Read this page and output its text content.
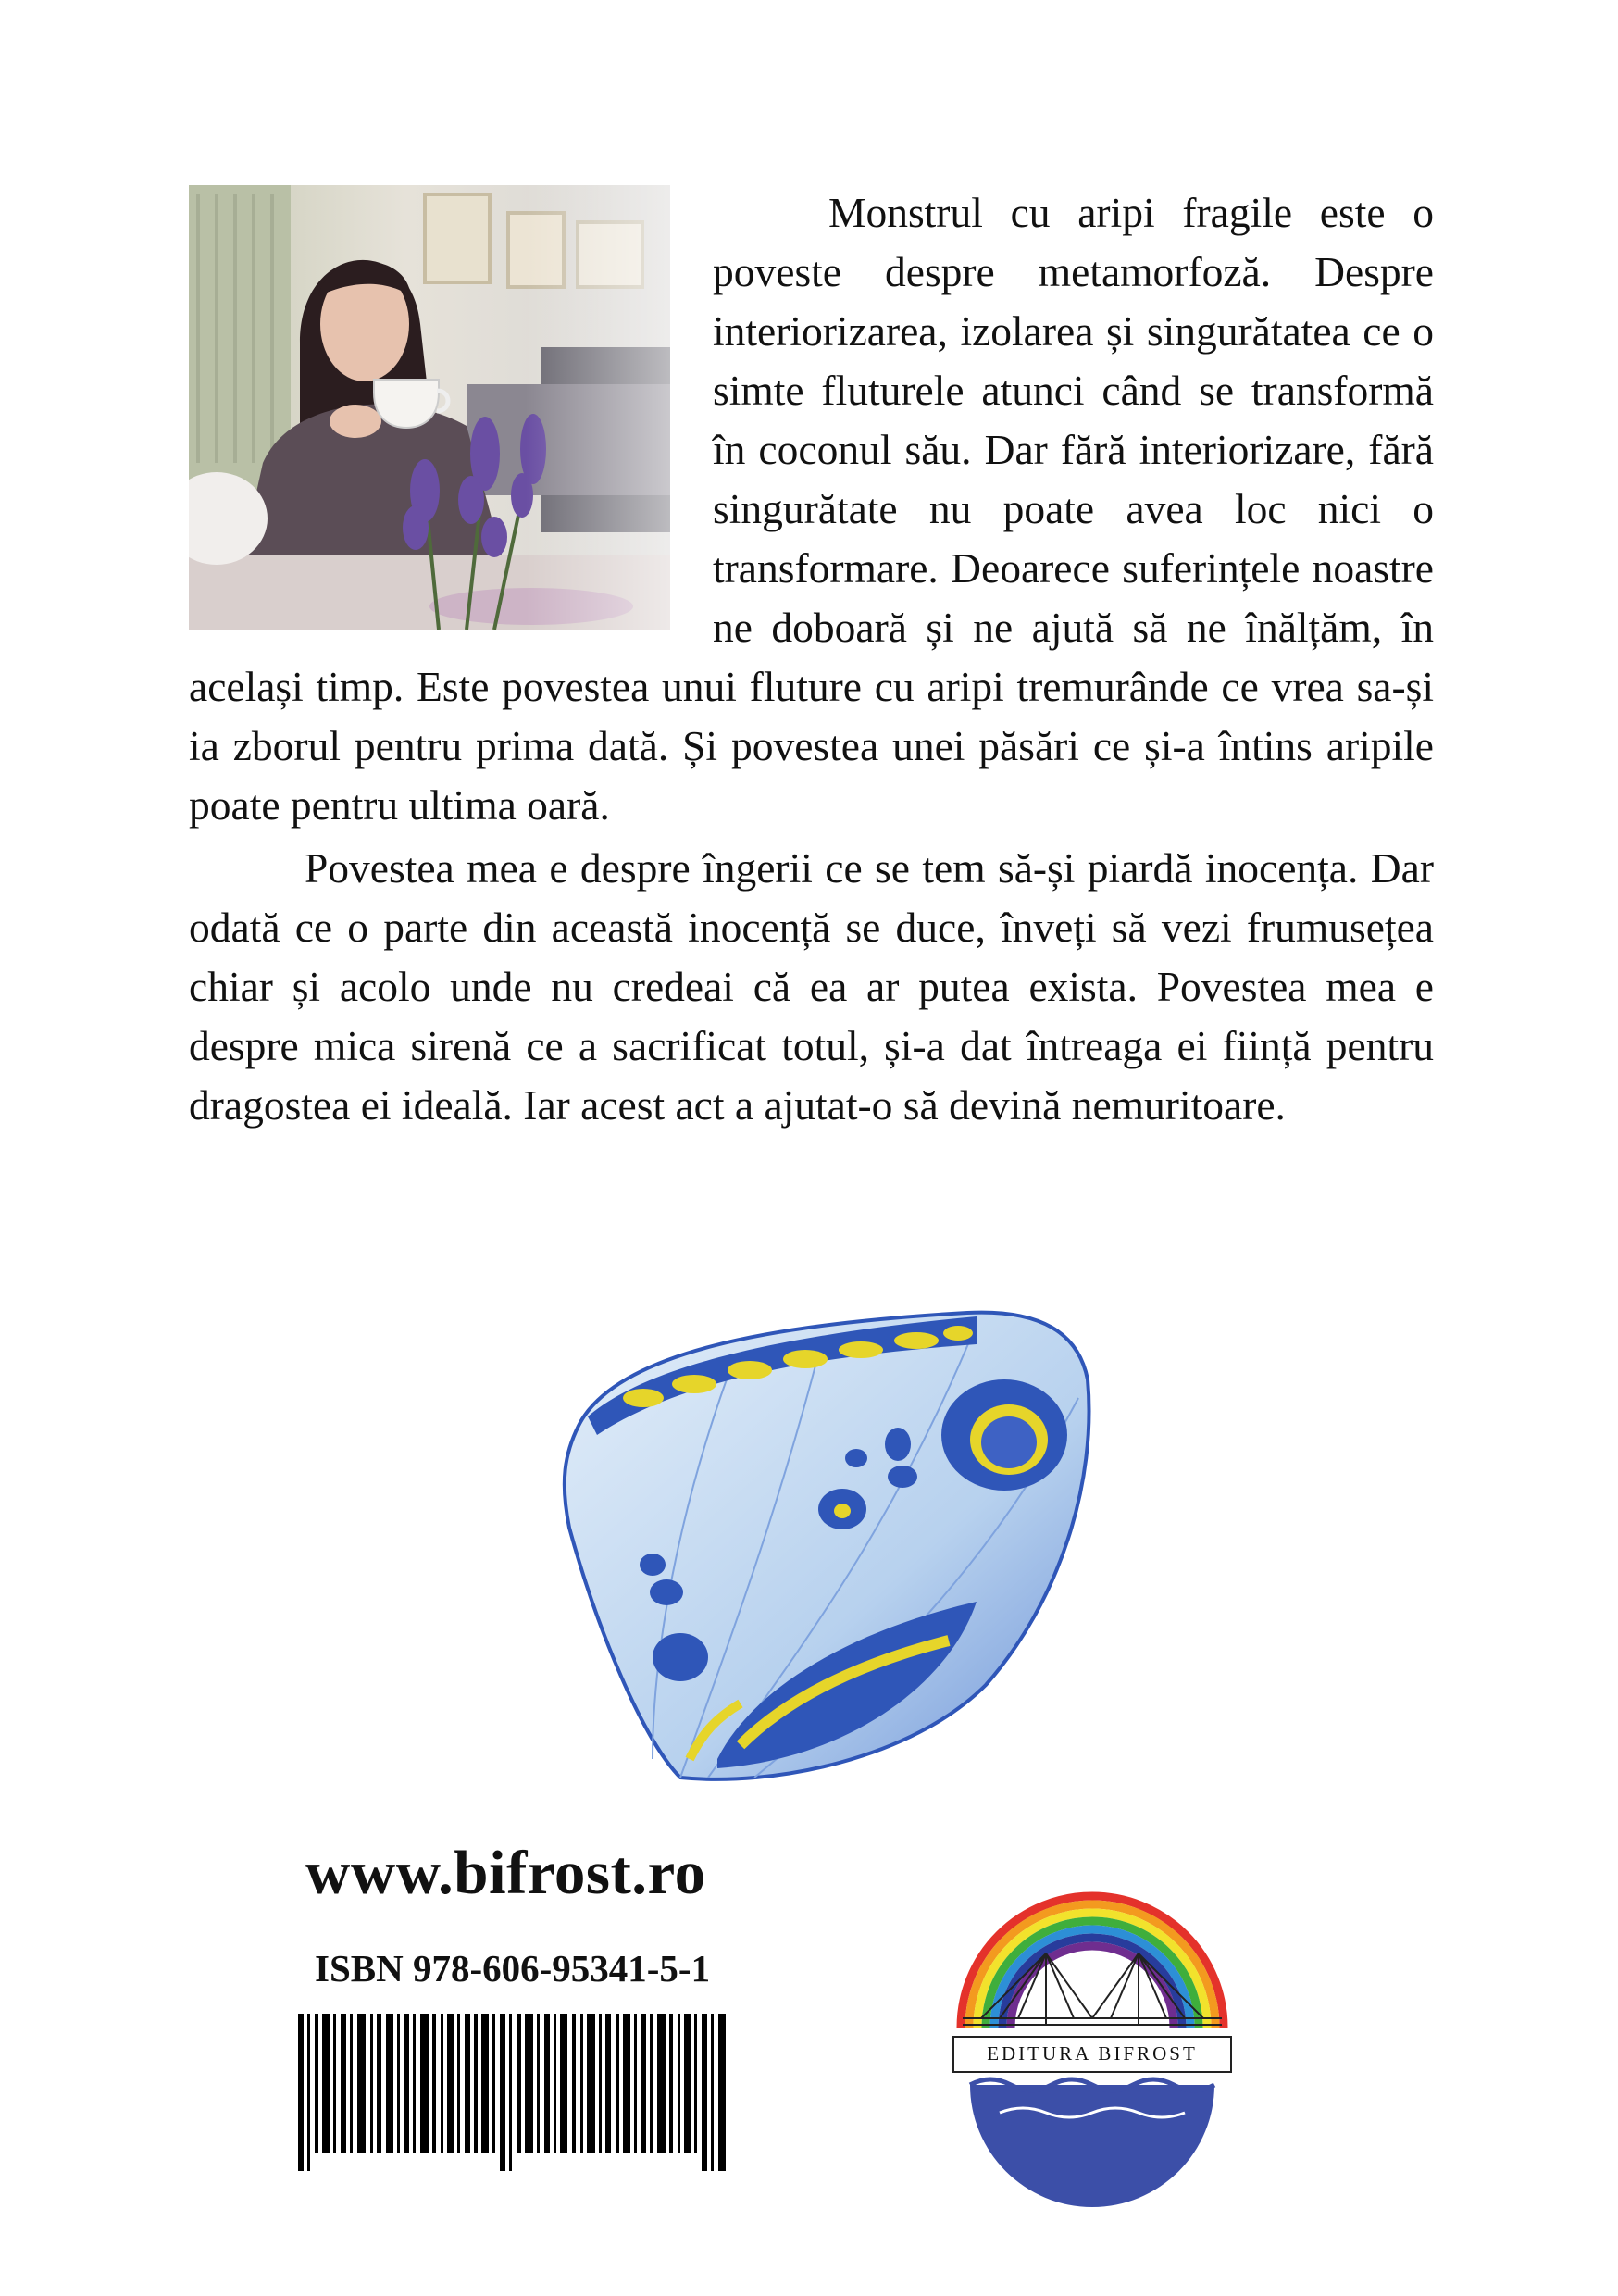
Monstrul cu aripi fragile este o poveste despre metamorfoză. Despre interiorizarea, izolarea și singurătatea ce o simte fluturele atunci când se transformă în coconul său. Dar fără interiorizare, fără singurătate nu poate avea loc nici o transformare. Deoarece suferințele noastre ne doboară și ne ajută să ne înălțăm, în același timp. Este povestea unui fluture cu aripi tremurânde ce vrea sa-și ia zborul pentru prima dată. Și povestea unei păsări ce și-a întins aripile poate pentru ultima oară.

Povestea mea e despre îngerii ce se tem să-și piardă inocența. Dar odată ce o parte din această inocență se duce, înveți să vezi frumusețea chiar și acolo unde nu credeai că ea ar putea exista. Povestea mea e despre mica sirenă ce a sacrificat totul, și-a dat întreaga ei ființă pentru dragostea ei ideală. Iar acest act a ajutat-o să devină nemuritoare.

www.bifrost.ro
ISBN 978-606-95341-5-1
EDITURA BIFROST
